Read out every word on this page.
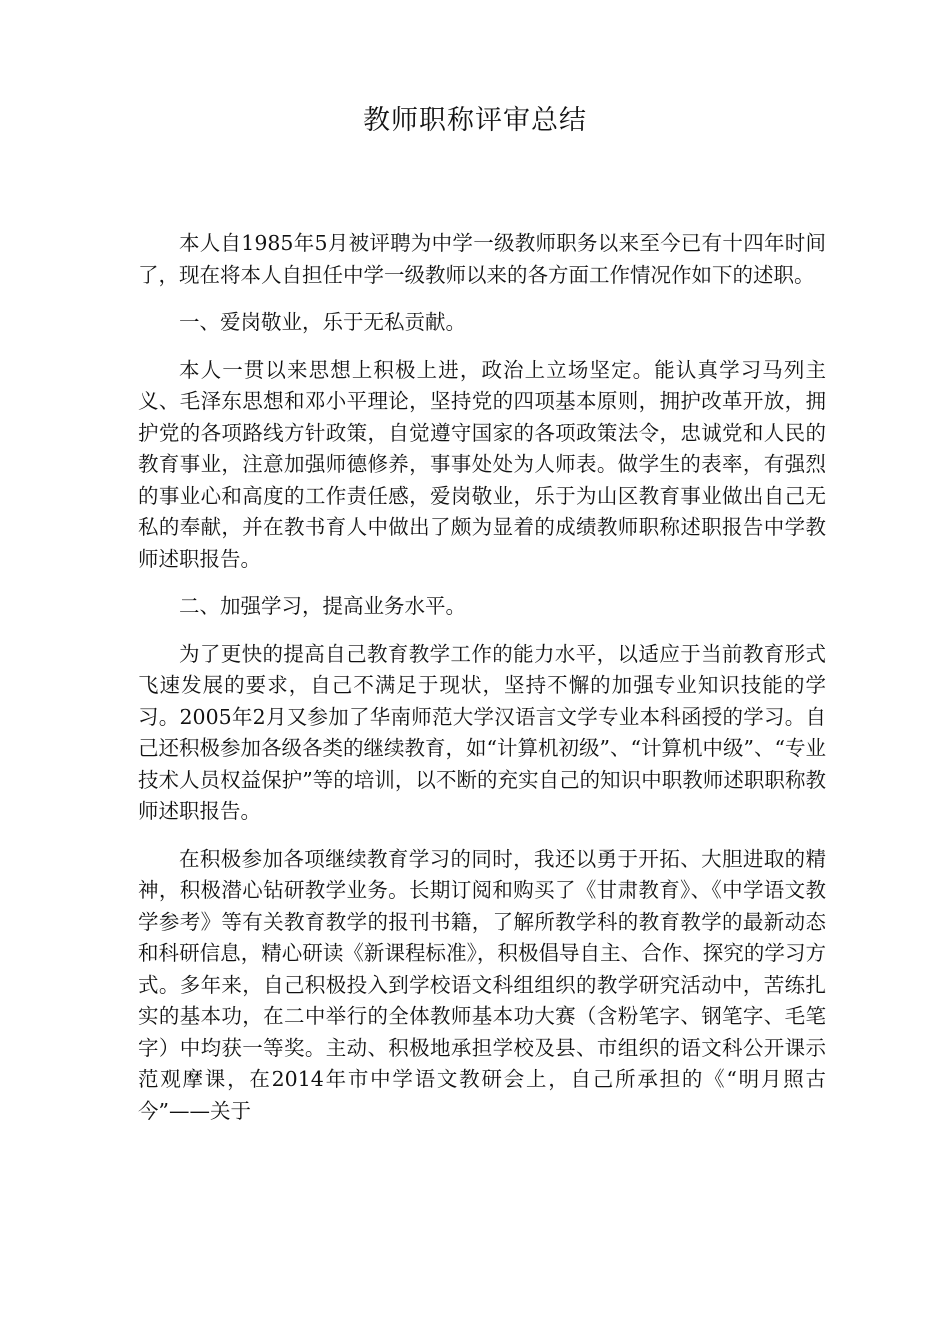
教师职称评审总结

本人自1985年5月被评聘为中学一级教师职务以来至今已有十四年时间了，现在将本人自担任中学一级教师以来的各方面工作情况作如下的述职。

一、爱岗敬业，乐于无私贡献。

本人一贯以来思想上积极上进，政治上立场坚定。能认真学习马列主义、毛泽东思想和邓小平理论，坚持党的四项基本原则，拥护改革开放，拥护党的各项路线方针政策，自觉遵守国家的各项政策法令，忠诚党和人民的教育事业，注意加强师德修养，事事处处为人师表。做学生的表率，有强烈的事业心和高度的工作责任感，爱岗敬业，乐于为山区教育事业做出自己无私的奉献，并在教书育人中做出了颇为显着的成绩教师职称述职报告中学教师述职报告。

二、加强学习，提高业务水平。

为了更快的提高自己教育教学工作的能力水平，以适应于当前教育形式飞速发展的要求，自己不满足于现状，坚持不懈的加强专业知识技能的学习。2005年2月又参加了华南师范大学汉语言文学专业本科函授的学习。自己还积极参加各级各类的继续教育，如“计算机初级”、“计算机中级”、“专业技术人员权益保护”等的培训，以不断的充实自己的知识中职教师述职职称教师述职报告。

在积极参加各项继续教育学习的同时，我还以勇于开拓、大胆进取的精神，积极潜心钻研教学业务。长期订阅和购买了《甘肃教育》、《中学语文教学参考》等有关教育教学的报刊书籍，了解所教学科的教育教学的最新动态和科研信息，精心研读《新课程标准》，积极倡导自主、合作、探究的学习方式。多年来，自己积极投入到学校语文科组组织的教学研究活动中，苦练扎实的基本功，在二中举行的全体教师基本功大赛（含粉笔字、钢笔字、毛笔字）中均获一等奖。主动、积极地承担学校及县、市组织的语文科公开课示范观摩课，在2014年市中学语文教研会上，自己所承担的《“明月照古今”——关于
